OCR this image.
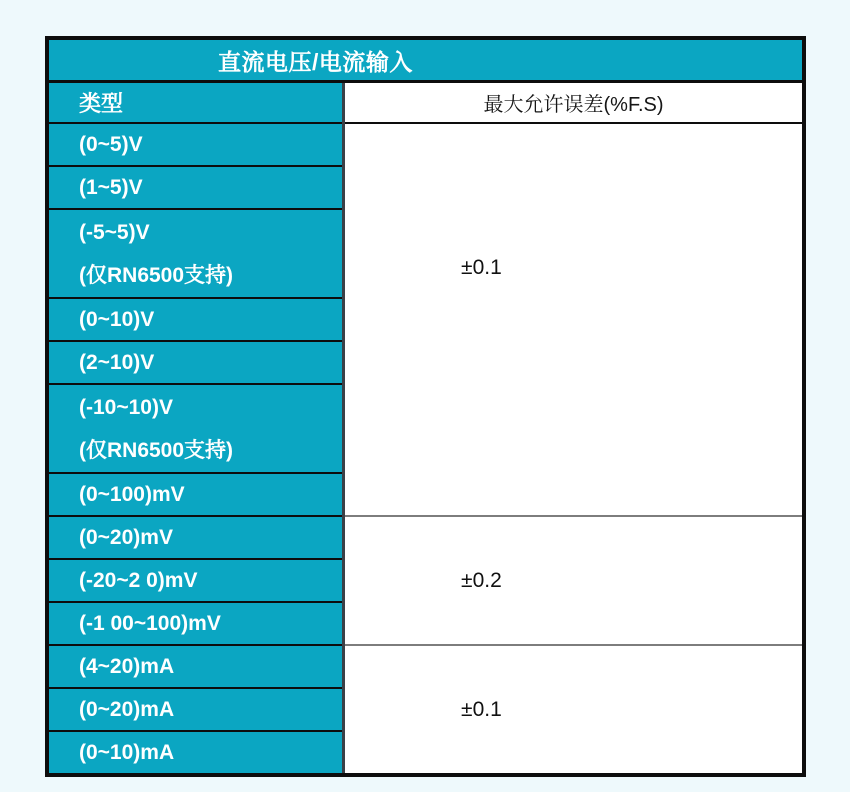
直流电压/电流输入	
类型	最大允许误差(%F.S)

(0~5)V	±0.1

(1~5)V	

(-5~5)V
(仅RN6500支持)	

(0~10)V	

(2~10)V	

(-10~10)V
(仅RN6500支持)	

(0~100)mV	

(0~20)mV	±0.2

(-20~2 0)mV	

(-1 00~100)mV	

(4~20)mA	±0.1

(0~20)mA	

(0~10)mA	
